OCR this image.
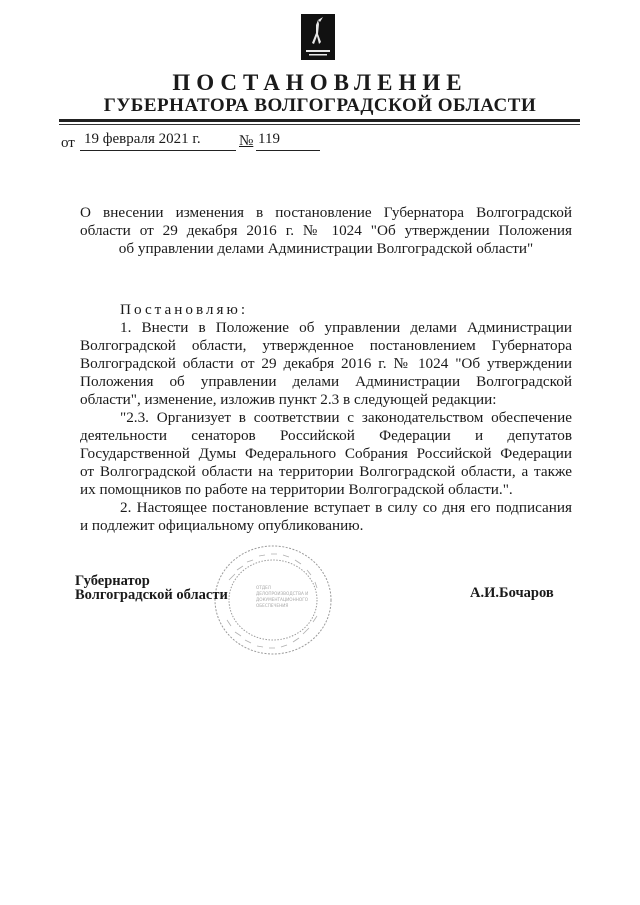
ПОСТАНОВЛЕНИЕ
ГУБЕРНАТОРА ВОЛГОГРАДСКОЙ ОБЛАСТИ
от 19 февраля 2021 г.	№ 119
О внесении изменения в постановление Губернатора Волгоградской
области от 29 декабря 2016 г. № 1024 "Об утверждении Положения
об управлении делами Администрации Волгоградской области"
Постановляю:
1. Внести в Положение об управлении делами Администрации
Волгоградской области, утвержденное постановлением Губернатора
Волгоградской области от 29 декабря 2016 г. № 1024 "Об утверждении
Положения об управлении делами Администрации Волгоградской
области", изменение, изложив пункт 2.3 в следующей редакции:
"2.3. Организует в соответствии с законодательством обеспечение
деятельности сенаторов Российской Федерации и депутатов
Государственной Думы Федерального Собрания Российской Федерации
от Волгоградской области на территории Волгоградской области, а также
их помощников по работе на территории Волгоградской области.".
2. Настоящее постановление вступает в силу со дня его подписания
и подлежит официальному опубликованию.
ОТДЕЛ
ДЕЛОПРОИЗВОДСТВА И
ДОКУМЕНТАЦИОННОГО
ОБЕСПЕЧЕНИЯ
Губернатор
Волгоградской области	А.И.Бочаров
